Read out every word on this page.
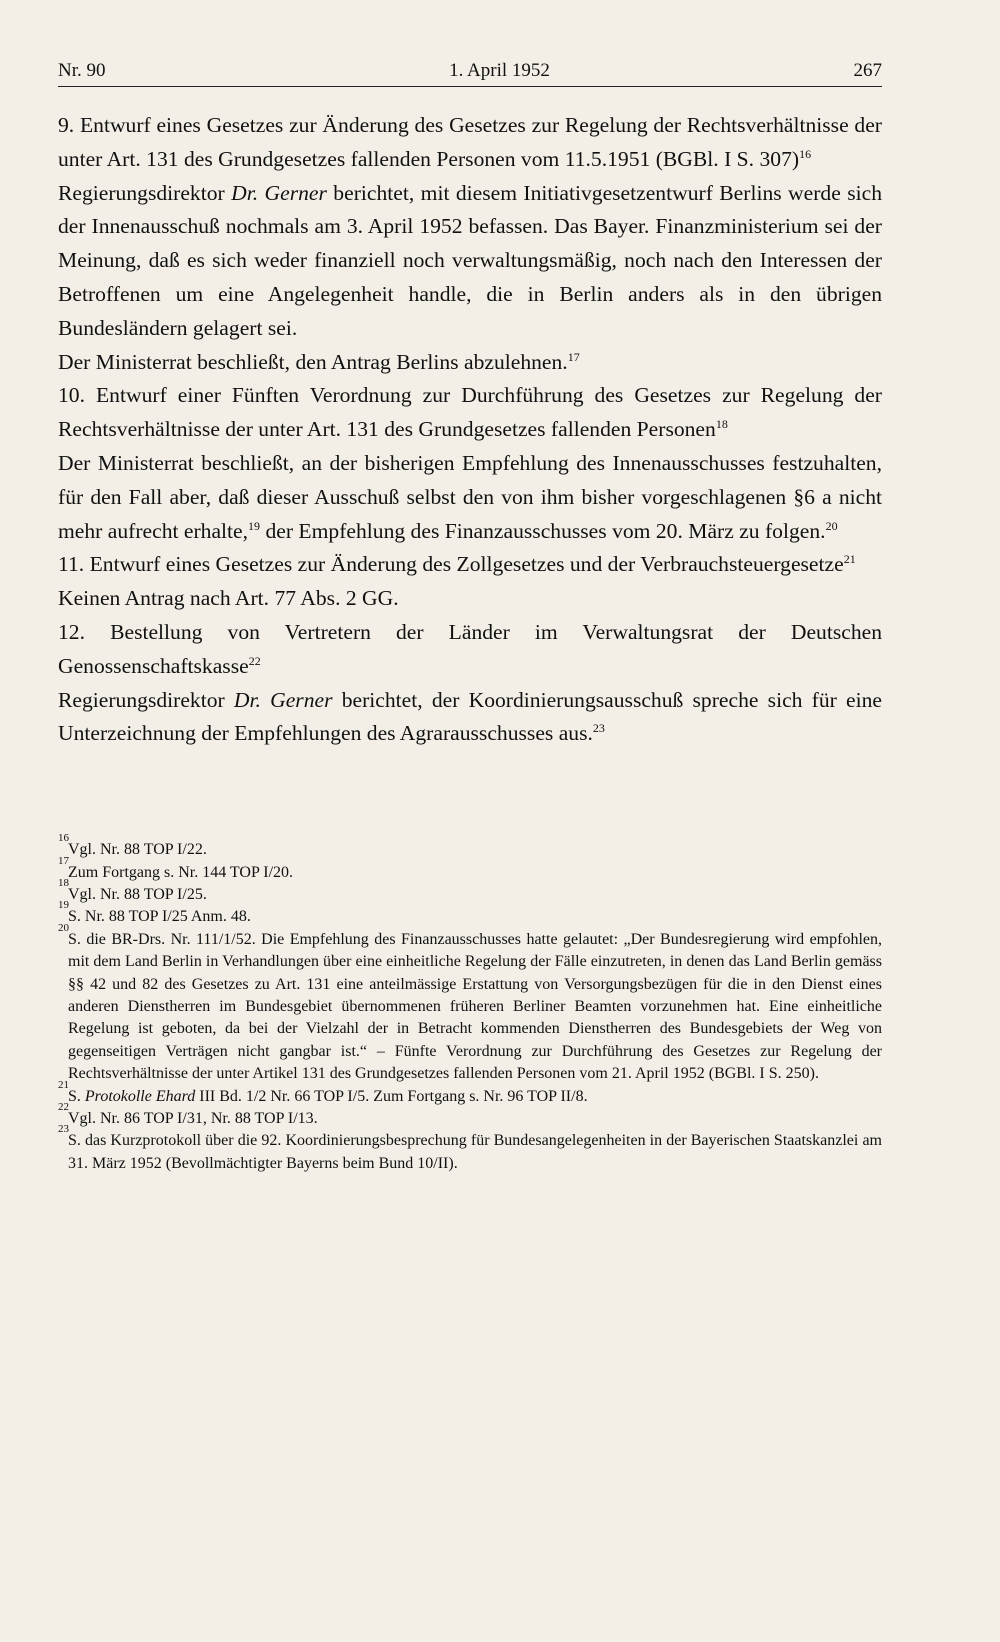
Nr. 90	1. April 1952	267

9. Entwurf eines Gesetzes zur Änderung des Gesetzes zur Regelung der Rechtsverhältnisse der unter Art. 131 des Grundgesetzes fallenden Personen vom 11.5.1951 (BGBl. I S. 307)$^{16}$

Regierungsdirektor Dr. Gerner berichtet, mit diesem Initiativgesetzentwurf Berlins werde sich der Innenausschuß nochmals am 3. April 1952 befassen. Das Bayer. Finanzministerium sei der Meinung, daß es sich weder finanziell noch verwaltungsmäßig, noch nach den Interessen der Betroffenen um eine Angelegenheit handle, die in Berlin anders als in den übrigen Bundesländern gelagert sei.

Der Ministerrat beschließt, den Antrag Berlins abzulehnen.$^{17}$

10. Entwurf einer Fünften Verordnung zur Durchführung des Gesetzes zur Regelung der Rechtsverhältnisse der unter Art. 131 des Grundgesetzes fallenden Personen$^{18}$

Der Ministerrat beschließt, an der bisherigen Empfehlung des Innenausschusses festzuhalten, für den Fall aber, daß dieser Ausschuß selbst den von ihm bisher vorgeschlagenen §6 a nicht mehr aufrecht erhalte,$^{19}$ der Empfehlung des Finanzausschusses vom 20. März zu folgen.$^{20}$

11. Entwurf eines Gesetzes zur Änderung des Zollgesetzes und der Verbrauchsteuergesetze$^{21}$

Keinen Antrag nach Art. 77 Abs. 2 GG.

12. Bestellung von Vertretern der Länder im Verwaltungsrat der Deutschen Genossenschaftskasse$^{22}$

Regierungsdirektor Dr. Gerner berichtet, der Koordinierungsausschuß spreche sich für eine Unterzeichnung der Empfehlungen des Agrarausschusses aus.$^{23}$

16
Vgl. Nr. 88 TOP I/22.
17
Zum Fortgang s. Nr. 144 TOP I/20.
18
Vgl. Nr. 88 TOP I/25.
19
S. Nr. 88 TOP I/25 Anm. 48.
20
S. die BR-Drs. Nr. 111/1/52. Die Empfehlung des Finanzausschusses hatte gelautet: „Der Bundesregierung wird empfohlen, mit dem Land Berlin in Verhandlungen über eine einheitliche Regelung der Fälle einzutreten, in denen das Land Berlin gemäss §§ 42 und 82 des Gesetzes zu Art. 131 eine anteilmässige Erstattung von Versorgungsbezügen für die in den Dienst eines anderen Dienstherren im Bundesgebiet übernommenen früheren Berliner Beamten vorzunehmen hat. Eine einheitliche Regelung ist geboten, da bei der Vielzahl der in Betracht kommenden Dienstherren des Bundesgebiets der Weg von gegenseitigen Verträgen nicht gangbar ist.“ – Fünfte Verordnung zur Durchführung des Gesetzes zur Regelung der Rechtsverhältnisse der unter Artikel 131 des Grundgesetzes fallenden Personen vom 21. April 1952 (BGBl. I S. 250).
21
S. Protokolle Ehard III Bd. 1/2 Nr. 66 TOP I/5. Zum Fortgang s. Nr. 96 TOP II/8.
22
Vgl. Nr. 86 TOP I/31, Nr. 88 TOP I/13.
23
S. das Kurzprotokoll über die 92. Koordinierungsbesprechung für Bundesangelegenheiten in der Bayerischen Staatskanzlei am 31. März 1952 (Bevollmächtigter Bayerns beim Bund 10/II).
